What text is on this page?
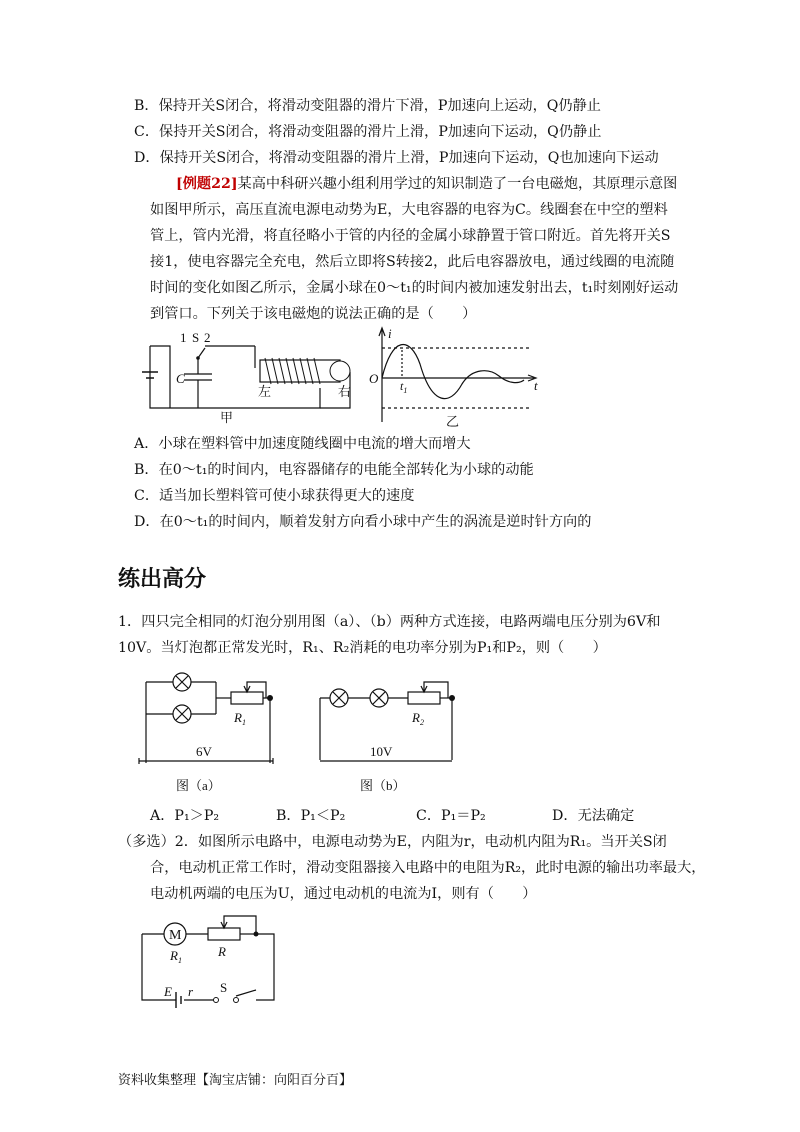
B．保持开关S闭合，将滑动变阻器的滑片下滑，P加速向上运动，Q仍静止
C．保持开关S闭合，将滑动变阻器的滑片上滑，P加速向下运动，Q仍静止
D．保持开关S闭合，将滑动变阻器的滑片上滑，P加速向下运动，Q也加速向下运动
[例题22]某高中科研兴趣小组利用学过的知识制造了一台电磁炮，其原理示意图
如图甲所示，高压直流电源电动势为E，大电容器的电容为C。线圈套在中空的塑料
管上，管内光滑，将直径略小于管的内径的金属小球静置于管口附近。首先将开关S
接1，使电容器完全充电，然后立即将S转接2，此后电容器放电，通过线圈的电流随
时间的变化如图乙所示，金属小球在0～t₁的时间内被加速发射出去，t₁时刻刚好运动
到管口。下列关于该电磁炮的说法正确的是（　　）
1 S 2
C
左	右
甲
i
O $t_1$	t
乙
A．小球在塑料管中加速度随线圈中电流的增大而增大
B．在0～t₁的时间内，电容器储存的电能全部转化为小球的动能
C．适当加长塑料管可使小球获得更大的速度
D．在0～t₁的时间内，顺着发射方向看小球中产生的涡流是逆时针方向的
练出高分
1．四只完全相同的灯泡分别用图（a）、（b）两种方式连接，电路两端电压分别为6V和
10V。当灯泡都正常发光时，R₁、R₂消耗的电功率分别为P₁和P₂，则（　　）
$R_1$
6V
图（a）
$R_2$
10V
图（b）
A．P₁＞P₂	B．P₁＜P₂	C．P₁＝P₂	D．无法确定
（多选）2．如图所示电路中，电源电动势为E，内阻为r，电动机内阻为R₁。当开关S闭
合，电动机正常工作时，滑动变阻器接入电路中的电阻为R₂，此时电源的输出功率最大，
电动机两端的电压为U，通过电动机的电流为I，则有（　　）
M
$R_1$
R
E r S
资料收集整理【淘宝店铺：向阳百分百】
